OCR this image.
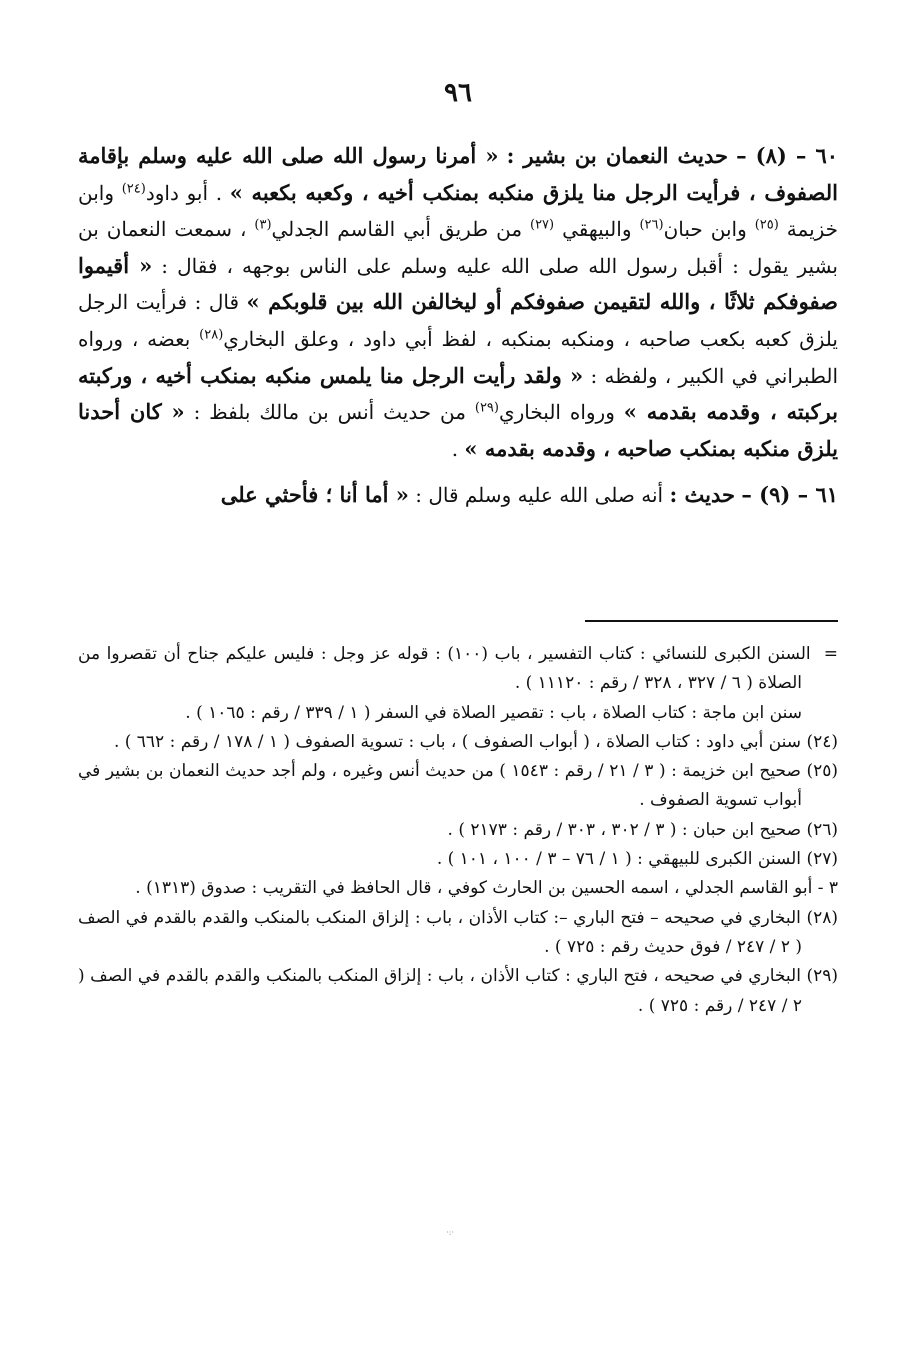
٩٦

٦٠ – (٨) – حديث النعمان بن بشير : « أمرنا رسول الله صلى الله عليه وسلم بإقامة الصفوف ، فرأيت الرجل منا يلزق منكبه بمنكب أخيه ، وكعبه بكعبه » . أبو داود$^{(٢٤)}$ وابن خزيمة $^{(٢٥)}$ وابن حبان$^{(٢٦)}$ والبيهقي $^{(٢٧)}$ من طريق أبي القاسم الجدلي$^{(٣)}$ ، سمعت النعمان بن بشير يقول : أقبل رسول الله صلى الله عليه وسلم على الناس بوجهه ، فقال : « أقيموا صفوفكم ثلاثًا ، والله لتقيمن صفوفكم أو ليخالفن الله بين قلوبكم » قال : فرأيت الرجل يلزق كعبه بكعب صاحبه ، ومنكبه بمنكبه ، لفظ أبي داود ، وعلق البخاري$^{(٢٨)}$ بعضه ، ورواه الطبراني في الكبير ، ولفظه : « ولقد رأيت الرجل منا يلمس منكبه بمنكب أخيه ، وركبته بركبته ، وقدمه بقدمه » ورواه البخاري$^{(٢٩)}$ من حديث أنس بن مالك بلفظ : « كان أحدنا يلزق منكبه بمنكب صاحبه ، وقدمه بقدمه » .

٦١ – (٩) – حديث : أنه صلى الله عليه وسلم قال : « أما أنا ؛ فأحثي على

=  السنن الكبرى للنسائي : كتاب التفسير ، باب (١٠٠) : قوله عز وجل : فليس عليكم جناح أن تقصروا من الصلاة ( ٦ / ٣٢٧ ، ٣٢٨ / رقم : ١١١٢٠ ) .

سنن ابن ماجة : كتاب الصلاة ، باب : تقصير الصلاة في السفر ( ١ / ٣٣٩ / رقم : ١٠٦٥ ) .

(٢٤) سنن أبي داود : كتاب الصلاة ، ( أبواب الصفوف ) ، باب : تسوية الصفوف ( ١ / ١٧٨ / رقم : ٦٦٢ ) .

(٢٥) صحيح ابن خزيمة : ( ٣ / ٢١ / رقم : ١٥٤٣ ) من حديث أنس وغيره ، ولم أجد حديث النعمان بن بشير في أبواب تسوية الصفوف .

(٢٦) صحيح ابن حبان : ( ٣ / ٣٠٢ ، ٣٠٣ / رقم : ٢١٧٣ ) .

(٢٧) السنن الكبرى للبيهقي : ( ١ / ٧٦ – ٣ / ١٠٠ ، ١٠١ ) .

٣ - أبو القاسم الجدلي ، اسمه الحسين بن الحارث كوفي ، قال الحافظ في التقريب : صدوق (١٣١٣) .

(٢٨) البخاري في صحيحه – فتح الباري –: كتاب الأذان ، باب : إلزاق المنكب بالمنكب والقدم بالقدم في الصف ( ٢ / ٢٤٧ / فوق حديث رقم : ٧٢٥ ) .

(٢٩) البخاري في صحيحه ، فتح الباري : كتاب الأذان ، باب : إلزاق المنكب بالمنكب والقدم بالقدم في الصف ( ٢ / ٢٤٧ / رقم : ٧٢٥ ) .

·:·
